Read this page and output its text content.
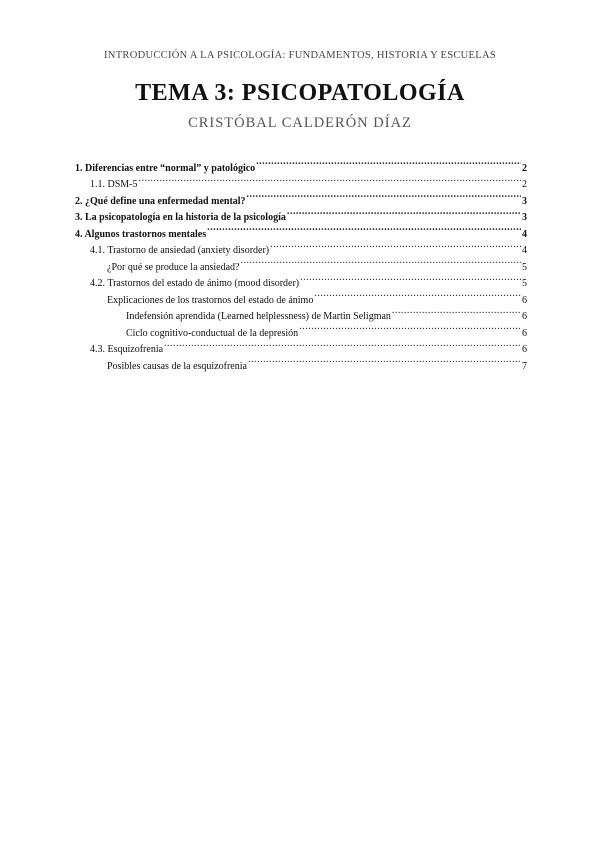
INTRODUCCIÓN A LA PSICOLOGÍA: FUNDAMENTOS, HISTORIA Y ESCUELAS
TEMA 3: PSICOPATOLOGÍA
CRISTÓBAL CALDERÓN DÍAZ
1. Diferencias entre “normal” y patológico .....	2
1.1. DSM-5 .....	2
2. ¿Qué define una enfermedad mental? .....	3
3. La psicopatología en la historia de la psicología .....	3
4. Algunos trastornos mentales .....	4
4.1. Trastorno de ansiedad (anxiety disorder) .....	4
¿Por qué se produce la ansiedad? .....	5
4.2. Trastornos del estado de ánimo (mood disorder) .....	5
Explicaciones de los trastornos del estado de ánimo .....	6
Indefensión aprendida (Learned helplessness) de Martin Seligman .....	6
Ciclo cognitivo-conductual de la depresión .....	6
4.3. Esquizofrenia .....	6
Posibles causas de la esquizofrenia .....	7
